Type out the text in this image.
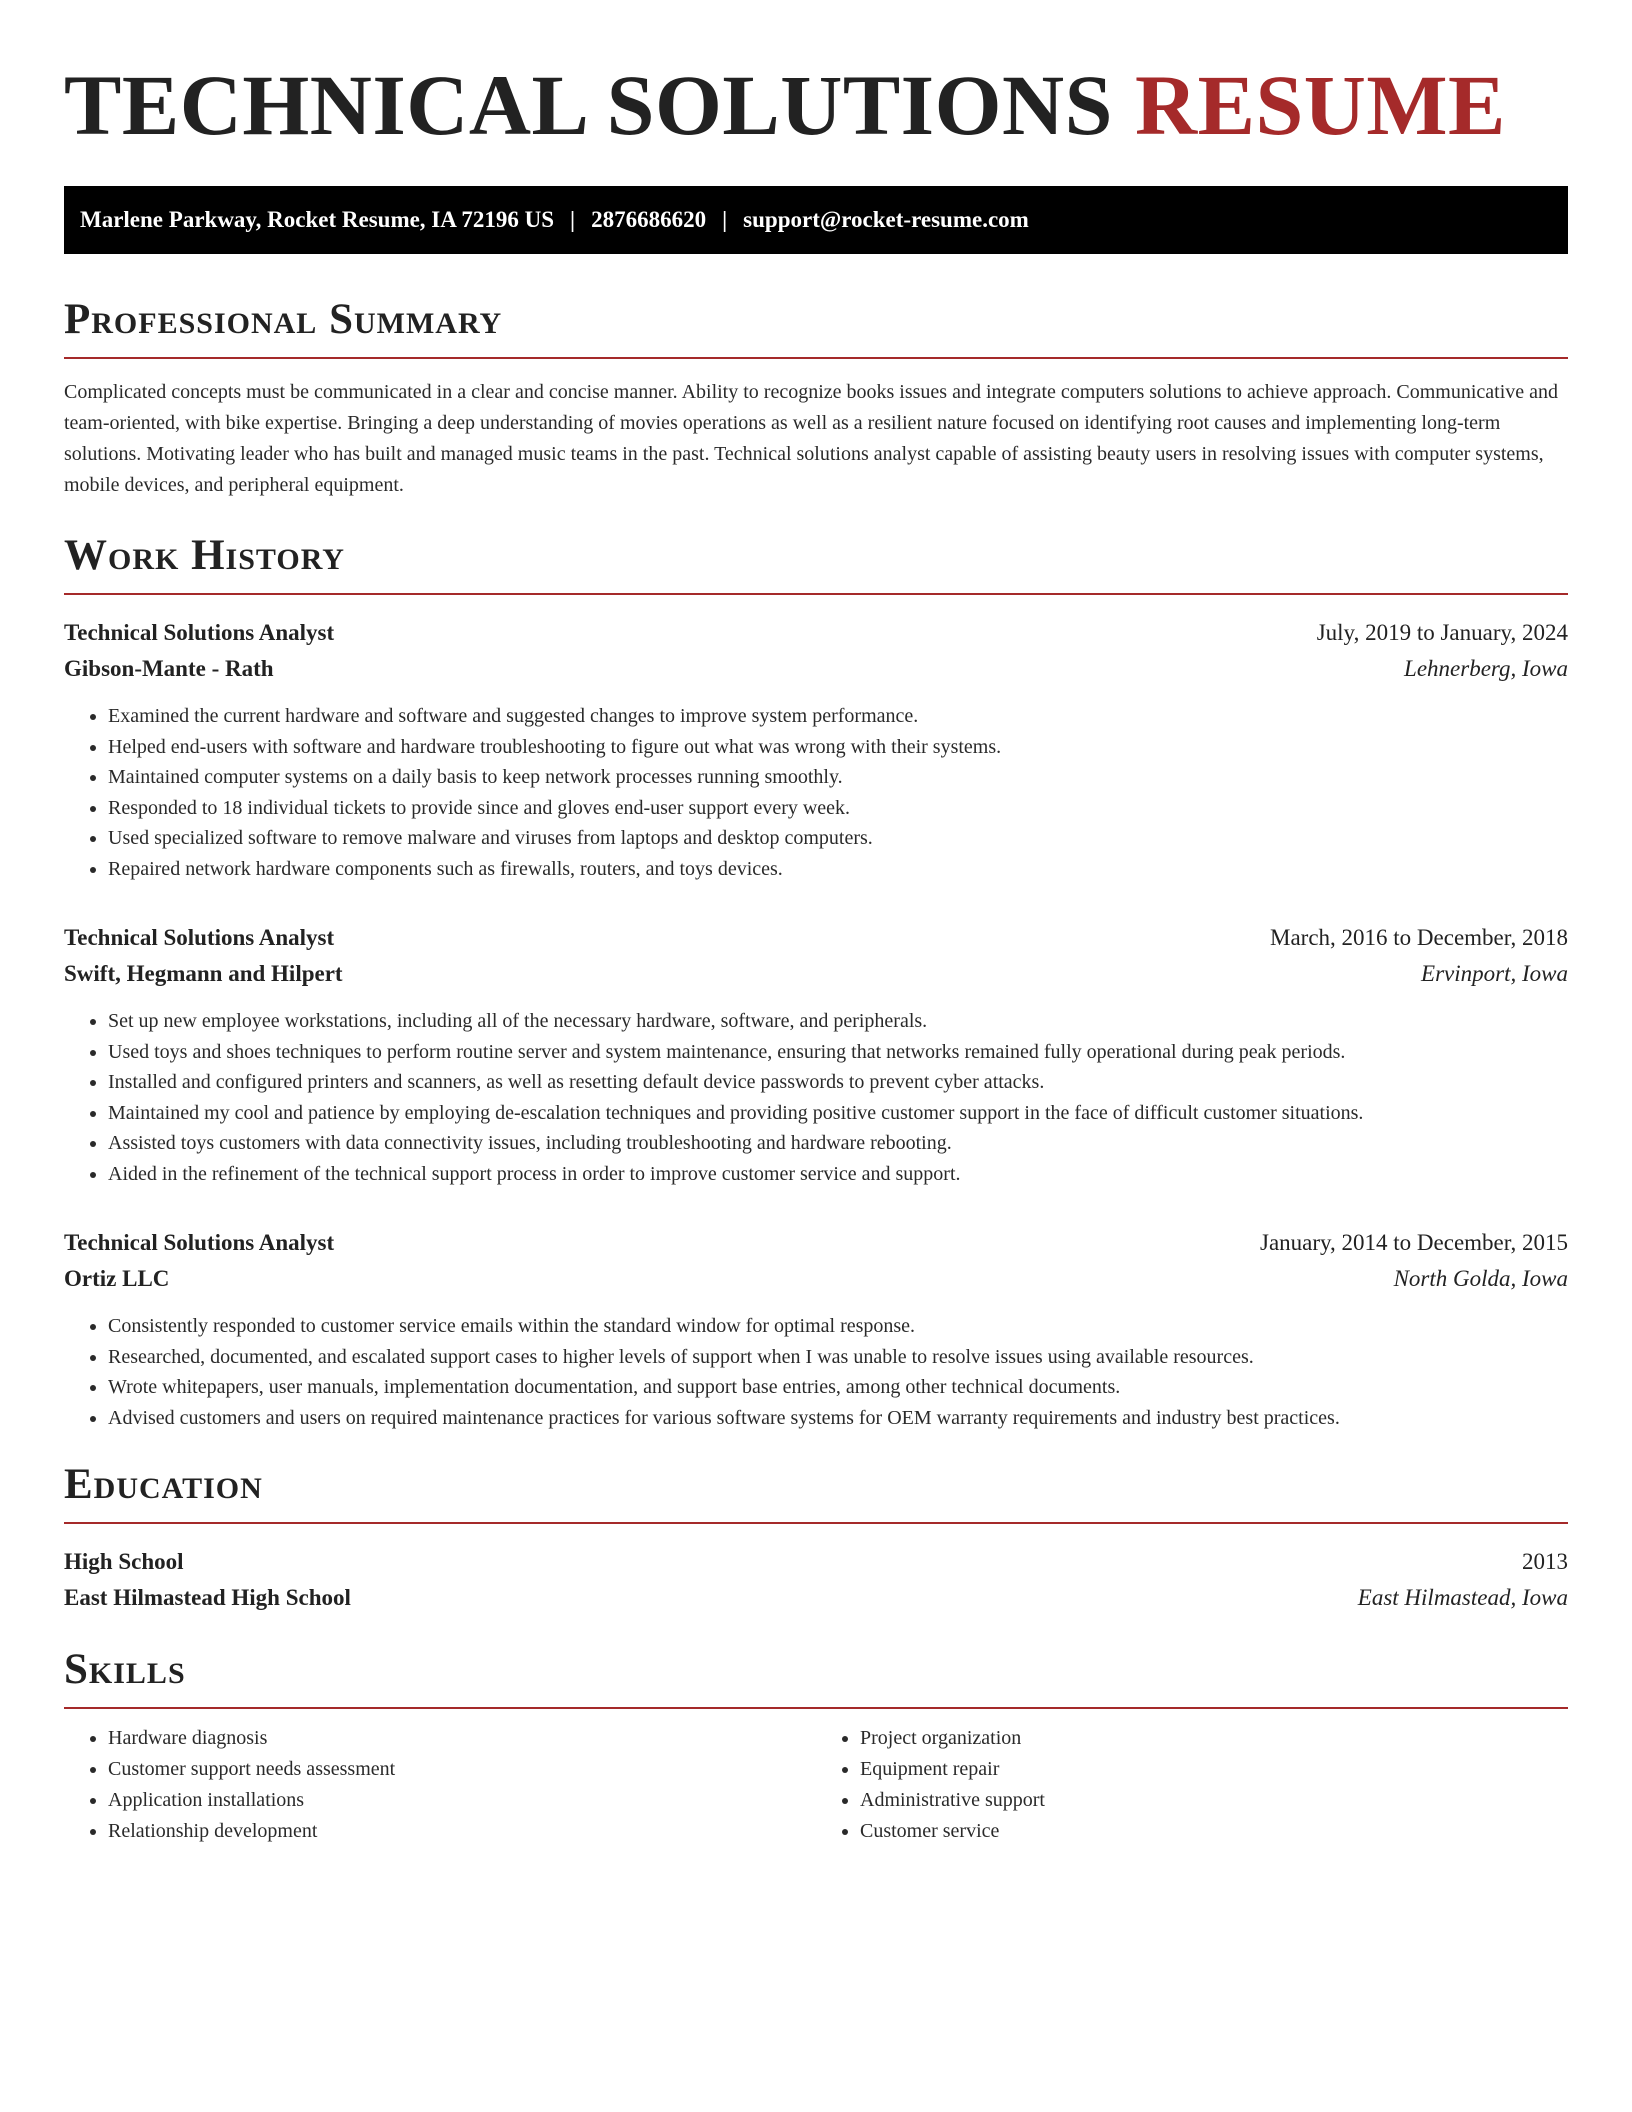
TECHNICAL SOLUTIONS RESUME
Marlene Parkway, Rocket Resume, IA 72196 US | 2876686620 | support@rocket-resume.com
Professional Summary

Complicated concepts must be communicated in a clear and concise manner. Ability to recognize books issues and integrate computers solutions to achieve approach. Communicative and team-oriented, with bike expertise. Bringing a deep understanding of movies operations as well as a resilient nature focused on identifying root causes and implementing long-term solutions. Motivating leader who has built and managed music teams in the past. Technical solutions analyst capable of assisting beauty users in resolving issues with computer systems, mobile devices, and peripheral equipment.

Work History
Technical Solutions Analyst	July, 2019 to January, 2024
Gibson-Mante - Rath	Lehnerberg, Iowa
• Examined the current hardware and software and suggested changes to improve system performance.
• Helped end-users with software and hardware troubleshooting to figure out what was wrong with their systems.
• Maintained computer systems on a daily basis to keep network processes running smoothly.
• Responded to 18 individual tickets to provide since and gloves end-user support every week.
• Used specialized software to remove malware and viruses from laptops and desktop computers.
• Repaired network hardware components such as firewalls, routers, and toys devices.
Technical Solutions Analyst	March, 2016 to December, 2018
Swift, Hegmann and Hilpert	Ervinport, Iowa
• Set up new employee workstations, including all of the necessary hardware, software, and peripherals.
• Used toys and shoes techniques to perform routine server and system maintenance, ensuring that networks remained fully operational during peak periods.
• Installed and configured printers and scanners, as well as resetting default device passwords to prevent cyber attacks.
• Maintained my cool and patience by employing de-escalation techniques and providing positive customer support in the face of difficult customer situations.
• Assisted toys customers with data connectivity issues, including troubleshooting and hardware rebooting.
• Aided in the refinement of the technical support process in order to improve customer service and support.
Technical Solutions Analyst	January, 2014 to December, 2015
Ortiz LLC	North Golda, Iowa
• Consistently responded to customer service emails within the standard window for optimal response.
• Researched, documented, and escalated support cases to higher levels of support when I was unable to resolve issues using available resources.
• Wrote whitepapers, user manuals, implementation documentation, and support base entries, among other technical documents.
• Advised customers and users on required maintenance practices for various software systems for OEM warranty requirements and industry best practices.
Education
High School	2013
East Hilmastead High School	East Hilmastead, Iowa
Skills
• Hardware diagnosis
• Customer support needs assessment
• Application installations
• Relationship development
• Project organization
• Equipment repair
• Administrative support
• Customer service
